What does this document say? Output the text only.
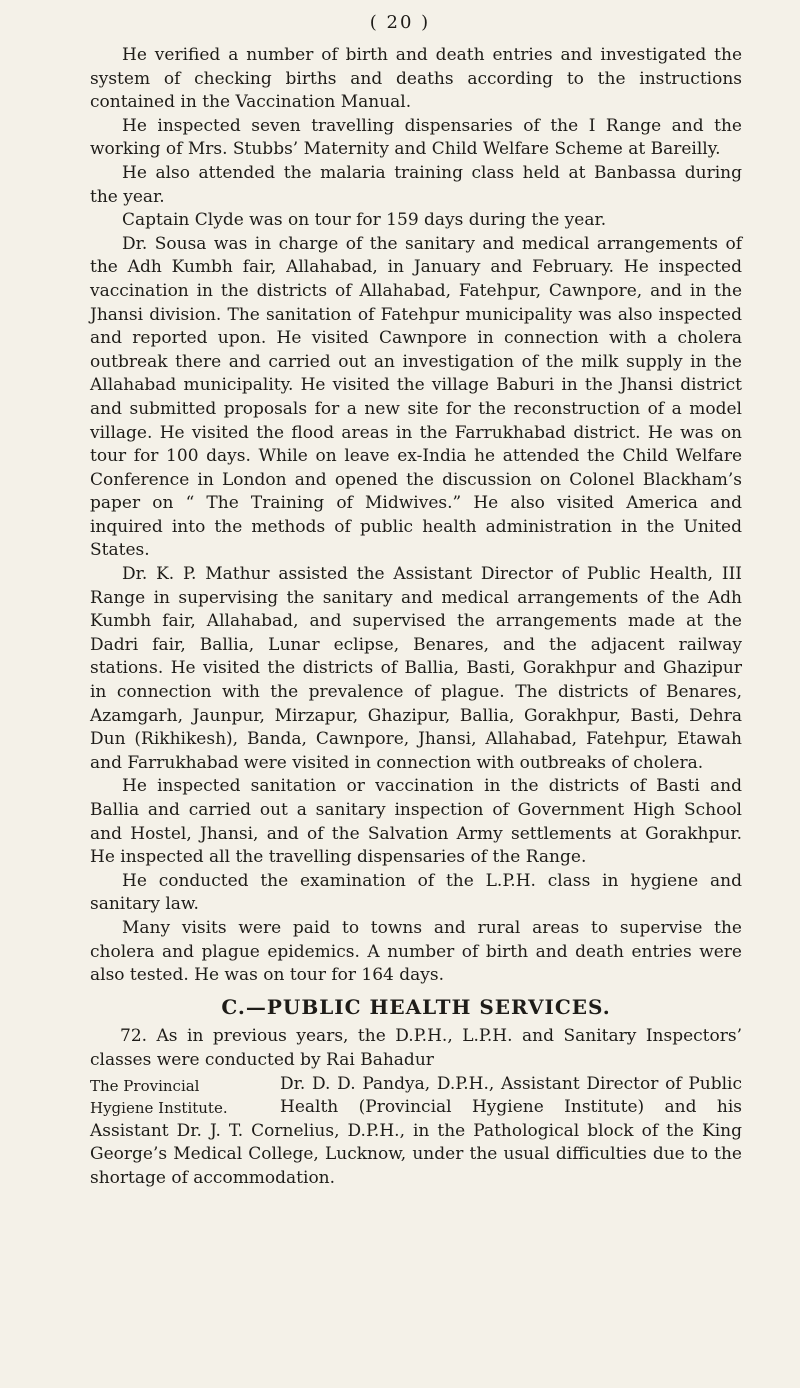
( 20 )

He verified a number of birth and death entries and investigated the system of checking births and deaths according to the instructions contained in the Vaccination Manual.

He inspected seven travelling dispensaries of the I Range and the working of Mrs. Stubbs’ Maternity and Child Welfare Scheme at Bareilly.

He also attended the malaria training class held at Banbassa during the year.

Captain Clyde was on tour for 159 days during the year.

Dr. Sousa was in charge of the sanitary and medical arrangements of the Adh Kumbh fair, Allahabad, in January and February. He inspected vaccination in the districts of Allahabad, Fatehpur, Cawnpore, and in the Jhansi division. The sanitation of Fatehpur municipality was also inspected and reported upon. He visited Cawnpore in connection with a cholera outbreak there and carried out an investigation of the milk supply in the Allahabad municipality. He visited the village Baburi in the Jhansi district and submitted proposals for a new site for the reconstruction of a model village. He visited the flood areas in the Farrukhabad district. He was on tour for 100 days. While on leave ex-India he attended the Child Welfare Conference in London and opened the discussion on Colonel Blackham’s paper on “ The Training of Midwives.” He also visited America and inquired into the methods of public health administration in the United States.

Dr. K. P. Mathur assisted the Assistant Director of Public Health, III Range in supervising the sanitary and medical arrangements of the Adh Kumbh fair, Allahabad, and supervised the arrangements made at the Dadri fair, Ballia, Lunar eclipse, Benares, and the adjacent railway stations. He visited the districts of Ballia, Basti, Gorakhpur and Ghazipur in connection with the prevalence of plague. The districts of Benares, Azamgarh, Jaunpur, Mirzapur, Ghazipur, Ballia, Gorakhpur, Basti, Dehra Dun (Rikhikesh), Banda, Cawnpore, Jhansi, Allahabad, Fatehpur, Etawah and Farrukhabad were visited in connection with outbreaks of cholera.

He inspected sanitation or vaccination in the districts of Basti and Ballia and carried out a sanitary inspection of Government High School and Hostel, Jhansi, and of the Salvation Army settlements at Gorakhpur. He inspected all the travelling dispensaries of the Range.

He conducted the examination of the L.P.H. class in hygiene and sanitary law.

Many visits were paid to towns and rural areas to supervise the cholera and plague epidemics. A number of birth and death entries were also tested. He was on tour for 164 days.

C.—PUBLIC HEALTH SERVICES.

72. As in previous years, the D.P.H., L.P.H. and Sanitary Inspectors’ classes were conducted by Rai Bahadur
The Provincial Hygiene Institute.
Dr. D. D. Pandya, D.P.H., Assistant Director of Public Health (Provincial Hygiene Institute) and his Assistant Dr. J. T. Cornelius, D.P.H., in the Pathological block of the King George’s Medical College, Lucknow, under the usual difficulties due to the shortage of accommodation.
